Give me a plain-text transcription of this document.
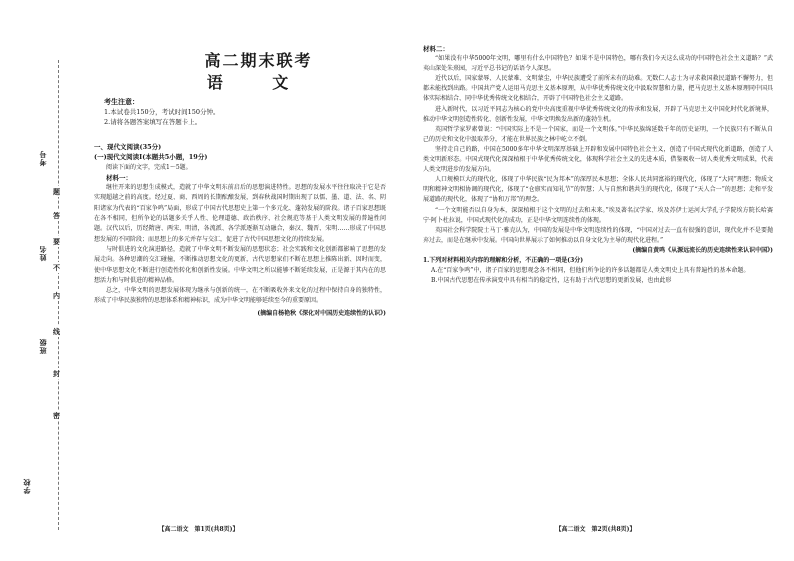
学校
班级
姓名
考号
密
封
线
内
不
要
答
题
高二期末联考
语 文
考生注意：
1.本试卷共150分，考试时间150分钟。
2.请将各题答案填写在答题卡上。

一、现代文阅读(35分)

(一)现代文阅读Ⅰ(本题共5小题，19分)

阅读下面的文字，完成1～5题。

材料一：

继往开来的思想生成模式，造就了中华文明东前启后的思想演进特性。思想的发展水平往往取决于它是否实现超越之前的高度。经过夏、商、西周的长期酝酿发展，到春秋战国时期出现了以儒、墨、道、法、名、阴阳诸家为代表的“百家争鸣”局面，形成了中国古代思想史上第一个多元化、蓬勃发展的阶段。诸子百家思想既在各不相同，但所争论的话题多关乎人性、伦理道德、政治秩序、社会规范等基于人类文明发展的普遍性问题。汉代以后，历经隋唐、两宋、明清，各流派、各学派逐渐互动融合，秦汉、魏晋、宋明……形成了中国思想发展的不同阶段；而思想上的多元并存与交汇，促进了古代中国思想文化的持续发展。

与时俱进的文化演进路径，造就了中华文明不断发展的思想状态；社会实践和文化创新都影响了思想的发展走向。各种思潮的交汇碰撞，不断推动思想文化的更新，古代思想家们不断在思想上推陈出新、因时而变，使中华思想文化不断进行创造性转化和创新性发展。中华文明之所以能够不断延续发展，正是源于其内在的思想活力和与时俱进的精神品格。

总之，中华文明的思想发展体现为继承与创新的统一，在不断吸收外来文化的过程中保持自身的独特性，形成了中华民族独特的思想体系和精神标识，成为中华文明能够延续至今的重要原因。

(摘编自杨艳秋《深化对中国历史连续性的认识》)

【高二语文　第1页(共8页)】

材料二：

“如果没有中华5000年文明，哪里有什么中国特色？如果不是中国特色，哪有我们今天这么成功的中国特色社会主义道路？”武夷山深处朱熹园，习近平总书记的话语令人深思。

近代以后，国家蒙辱、人民蒙难、文明蒙尘，中华民族遭受了前所未有的劫难。无数仁人志士为寻求救国救民道路不懈努力，但都未能找到出路。中国共产党人运用马克思主义基本原理，从中华优秀传统文化中汲取智慧和力量，把马克思主义基本原理同中国具体实际相结合、同中华优秀传统文化相结合，开辟了中国特色社会主义道路。

进入新时代，以习近平同志为核心的党中央高度重视中华优秀传统文化的传承和发展，开辟了马克思主义中国化时代化新境界，推动中华文明创造性转化、创新性发展，中华文明焕发出新的蓬勃生机。

英国哲学家罗素曾说：“中国实际上不是一个国家，而是一个文明体。”中华民族绵延数千年的历史证明，一个民族只有不断从自己的历史和文化中汲取养分，才能在世界民族之林中屹立不倒。

坚持走自己的路，中国在5000多年中华文明深厚基础上开辟和发展中国特色社会主义，创造了中国式现代化新道路，创造了人类文明新形态。中国式现代化深深植根于中华优秀传统文化，体现科学社会主义的先进本质，借鉴吸收一切人类优秀文明成果，代表人类文明进步的发展方向。

人口规模巨大的现代化，体现了中华民族“民为邦本”的深厚民本思想；全体人民共同富裕的现代化，体现了“大同”理想；物质文明和精神文明相协调的现代化，体现了“仓廪实而知礼节”的智慧；人与自然和谐共生的现代化，体现了“天人合一”的思想；走和平发展道路的现代化，体现了“协和万邦”的理念。

“一个文明能否以自身为本，深深植根于这个文明的过去和未来。”埃及著名汉学家、埃及苏伊士运河大学孔子学院埃方院长哈赛宁·阿卜杜拉说，中国式现代化的成功，正是中华文明连续性的体现。

英国社会科学院院士马丁·雅克认为，中国的发展是中华文明连续性的体现，“中国对过去一直有很强的意识，现代化并不是要抛弃过去，而是在继承中发展。中国向世界展示了如何推动以自身文化为主导的现代化进程。”

(摘编自黄鸣《从源远流长的历史连续性来认识中国》)

1.下列对材料相关内容的理解和分析，不正确的一项是(3分)

A.在“百家争鸣”中，诸子百家的思想观念各不相同，但他们所争论的许多话题都是人类文明史上具有普遍性的基本命题。

B.中国古代思想在传承演变中具有相当的稳定性，这有助于古代思想的更新发展，也由此形

【高二语文　第2页(共8页)】
